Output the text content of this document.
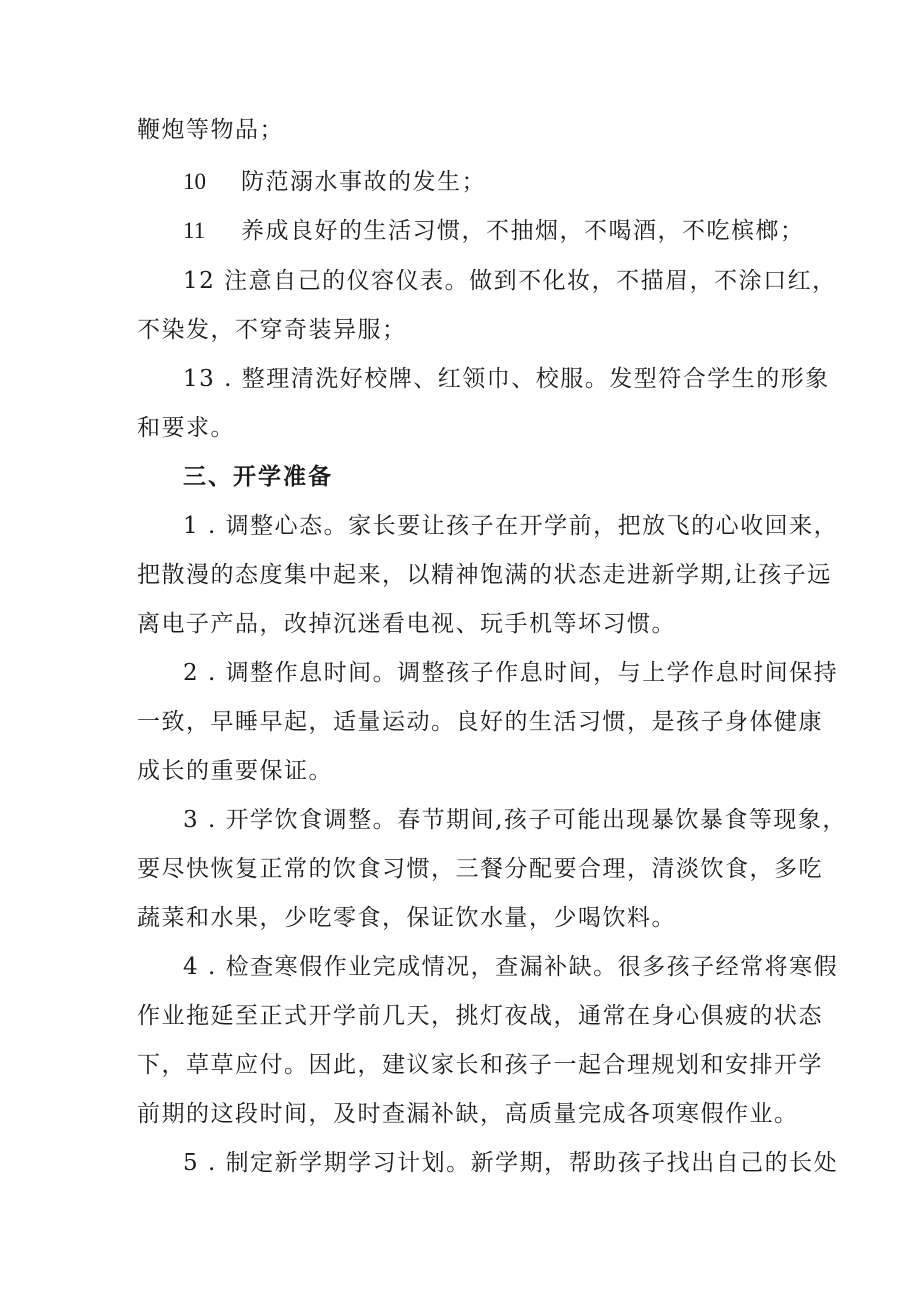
鞭炮等物品；

10 防范溺水事故的发生；

11 养成良好的生活习惯，不抽烟，不喝酒，不吃槟榔；

12 注意自己的仪容仪表。做到不化妆，不描眉，不涂口红，

不染发，不穿奇装异服；

13 . 整理清洗好校牌、红领巾、校服。发型符合学生的形象

和要求。

三、开学准备

1 . 调整心态。家长要让孩子在开学前，把放飞的心收回来，

把散漫的态度集中起来，以精神饱满的状态走进新学期,让孩子远

离电子产品，改掉沉迷看电视、玩手机等坏习惯。

2 . 调整作息时间。调整孩子作息时间，与上学作息时间保持

一致，早睡早起，适量运动。良好的生活习惯，是孩子身体健康

成长的重要保证。

3 . 开学饮食调整。春节期间,孩子可能出现暴饮暴食等现象，

要尽快恢复正常的饮食习惯，三餐分配要合理，清淡饮食，多吃

蔬菜和水果，少吃零食，保证饮水量，少喝饮料。

4 . 检查寒假作业完成情况，查漏补缺。很多孩子经常将寒假

作业拖延至正式开学前几天，挑灯夜战，通常在身心俱疲的状态

下，草草应付。因此，建议家长和孩子一起合理规划和安排开学

前期的这段时间，及时查漏补缺，高质量完成各项寒假作业。

5 . 制定新学期学习计划。新学期，帮助孩子找出自己的长处
